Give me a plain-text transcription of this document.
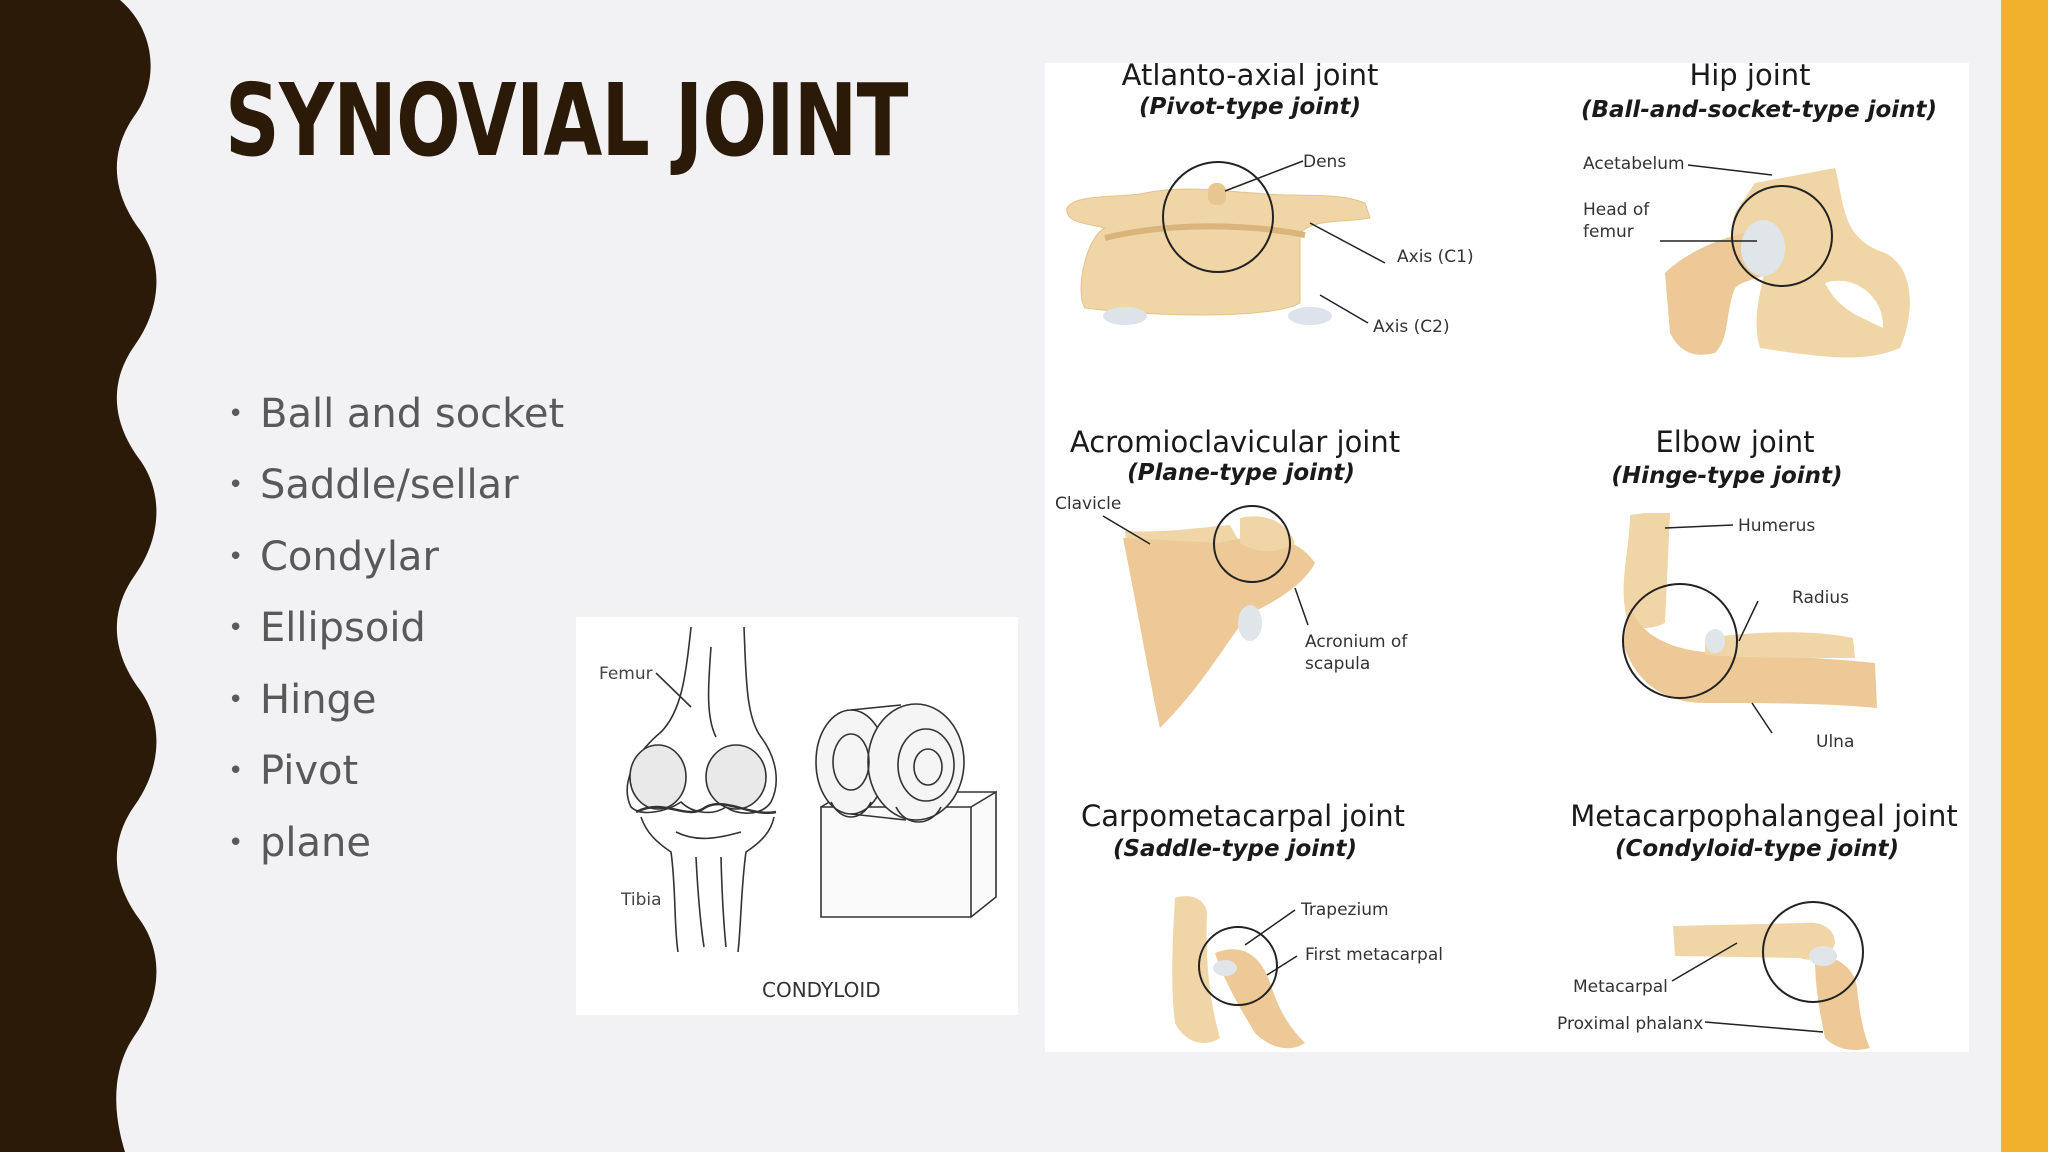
SYNOVIAL JOINT
• Ball and socket
• Saddle/sellar
• Condylar
• Ellipsoid
• Hinge
• Pivot
• plane
Femur
Tibia
CONDYLOID
Atlanto-axial joint
(Pivot-type joint)
Dens
Axis (C1)
Axis (C2)
Hip joint
(Ball-and-socket-type joint)
Acetabelum
Head of
femur
Acromioclavicular joint
(Plane-type joint)
Clavicle
Acronium of
scapula
Elbow joint
(Hinge-type joint)
Humerus
Radius
Ulna
Carpometacarpal joint
(Saddle-type joint)
Trapezium
First metacarpal
Metacarpophalangeal joint
(Condyloid-type joint)
Metacarpal
Proximal phalanx
